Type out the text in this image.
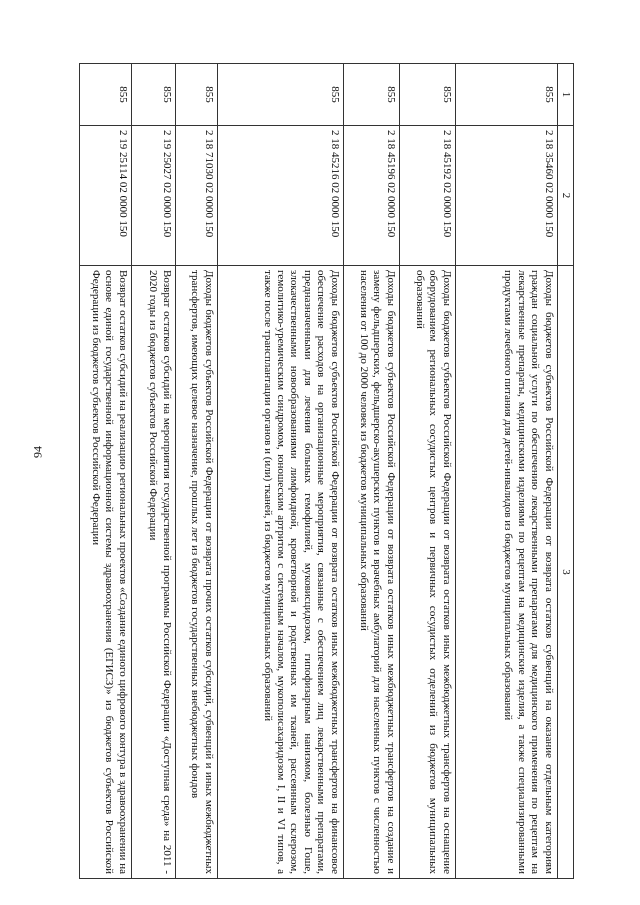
94
1	2	3
855	2 18 35460 02 0000 150	Доходы бюджетов субъектов Российской Федерации от возврата остатков субвенций на оказание отдельным категориям граждан социальной услуги по обеспечению лекарственными препаратами для медицинского применения по рецептам на лекарственные препараты, медицинскими изделиями по рецептам на медицинские изделия, а также специализированными продуктами лечебного питания для детей-инвалидов из бюджетов муниципальных образований
855	2 18 45192 02 0000 150	Доходы бюджетов субъектов Российской Федерации от возврата остатков иных межбюджетных трансфертов на оснащение оборудованием региональных сосудистых центров и первичных сосудистых отделений из бюджетов муниципальных образований
855	2 18 45196 02 0000 150	Доходы бюджетов субъектов Российской Федерации от возврата остатков иных межбюджетных трансфертов на создание и замену фельдшерских, фельдшерско-акушерских пунктов и врачебных амбулаторий для населенных пунктов с численностью населения от 100 до 2000 человек из бюджетов муниципальных образований
855	2 18 45216 02 0000 150	Доходы бюджетов субъектов Российской Федерации от возврата остатков иных межбюджетных трансфертов на финансовое обеспечение расходов на организационные мероприятия, связанные с обеспечением лиц лекарственными препаратами, предназначенными для лечения больных гемофилией, муковисцидозом, гипофизарным нанизмом, болезнью Гоше, злокачественными новообразованиями лимфоидной, кроветворной и родственных им тканей, рассеянным склерозом, гемолитико-уремическим синдромом, юношеским артритом с системным началом, мукополисахаридозом I, II и VI типов, а также после трансплантации органов и (или) тканей, из бюджетов муниципальных образований
855	2 18 71030 02 0000 150	Доходы бюджетов субъектов Российской Федерации от возврата прочих остатков субсидий, субвенций и иных межбюджетных трансфертов, имеющих целевое назначение, прошлых лет из бюджетов государственных внебюджетных фондов
855	2 19 25027 02 0000 150	Возврат остатков субсидий на мероприятия государственной программы Российской Федерации «Доступная среда» на 2011 - 2020 годы из бюджетов субъектов Российской Федерации
855	2 19 25114 02 0000 150	Возврат остатков субсидий на реализацию региональных проектов «Создание единого цифрового контура в здравоохранении на основе единой государственной информационной системы здравоохранения (ЕГИСЗ)» из бюджетов субъектов Российской Федерации из бюджетов субъектов Российской Федерации
